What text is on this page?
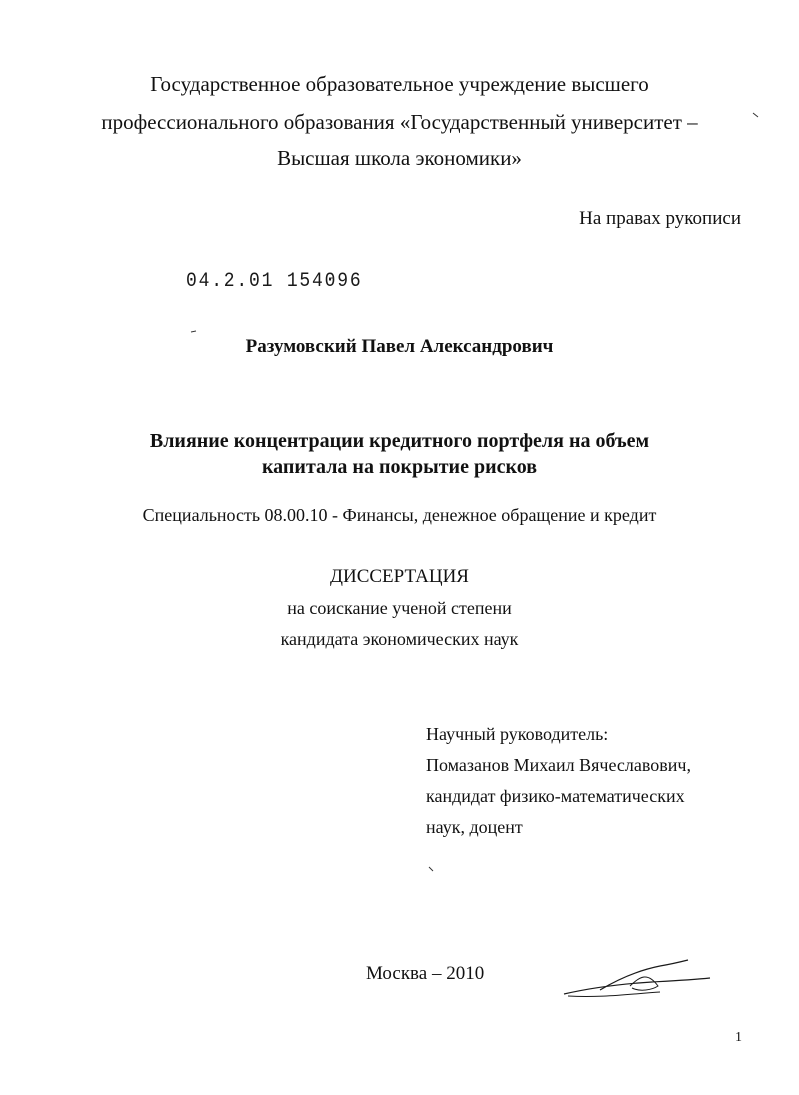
Государственное образовательное учреждение высшего
профессионального образования «Государственный университет –
Высшая школа экономики»
На правах рукописи
04.2.01 154096
Разумовский Павел Александрович
Влияние концентрации кредитного портфеля на объем
капитала на покрытие рисков
Специальность 08.00.10 - Финансы, денежное обращение и кредит
ДИССЕРТАЦИЯ
на соискание ученой степени
кандидата экономических наук
Научный руководитель:
Помазанов Михаил Вячеславович,
кандидат физико-математических
наук, доцент
Москва – 2010
1
